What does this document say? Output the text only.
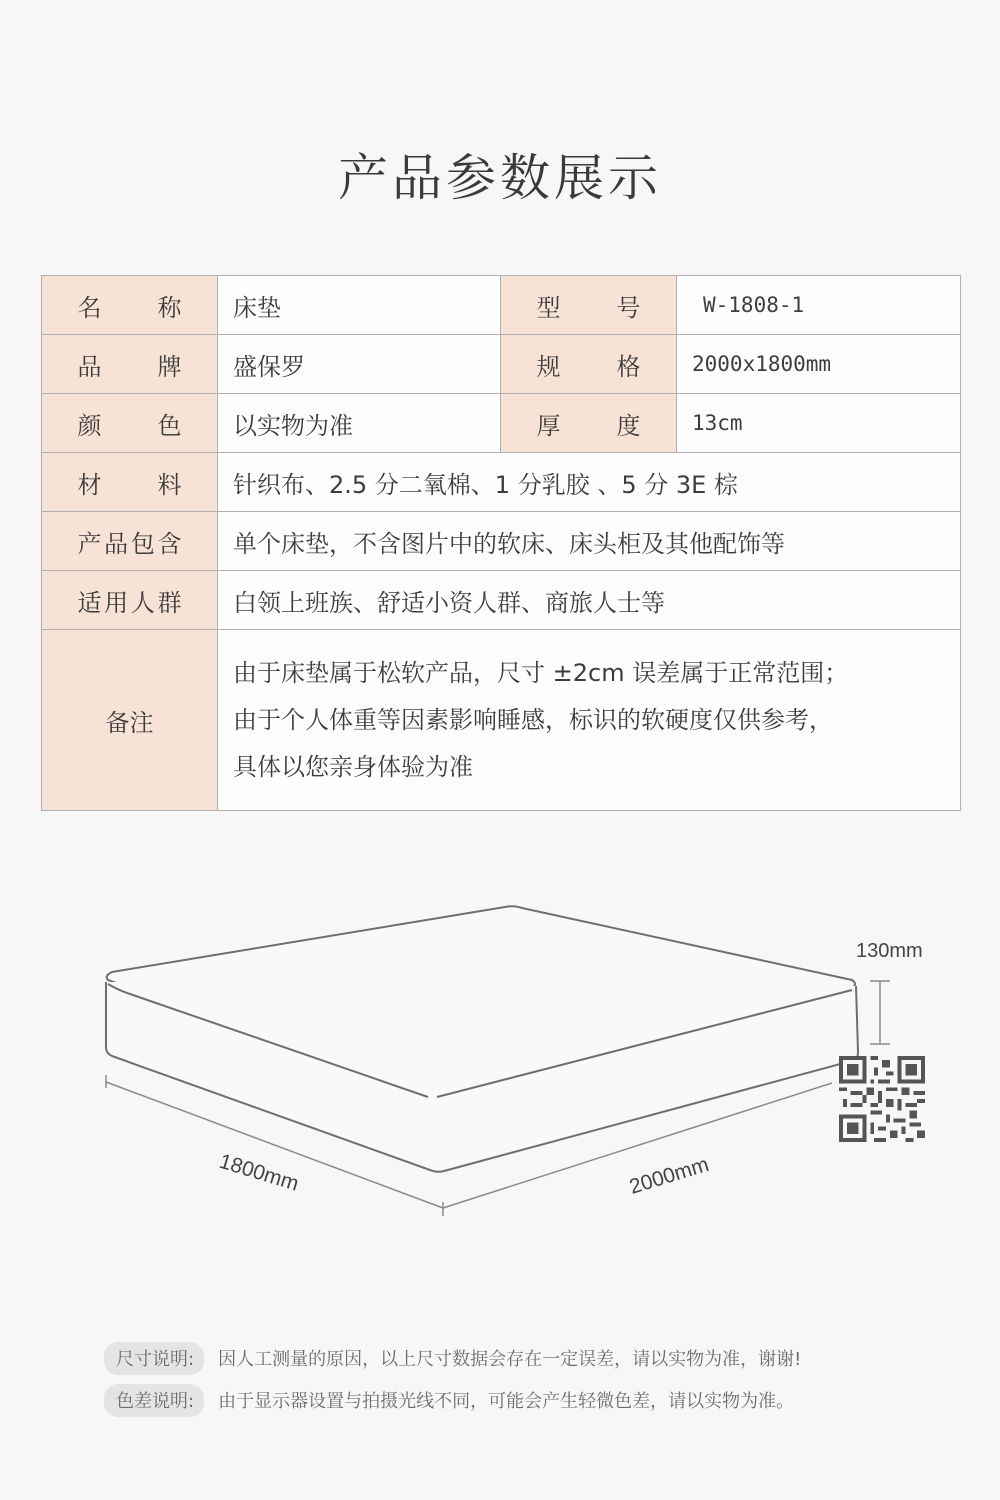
产品参数展示
名称	床垫	型号	W-1808-1
品牌	盛保罗	规格	2000x1800mm
颜色	以实物为准	厚度	13cm
材料	针织布、2.5 分二氧棉、1 分乳胶 、5 分 3E 棕		
产品包含	单个床垫，不含图片中的软床、床头柜及其他配饰等		
适用人群	白领上班族、舒适小资人群、商旅人士等		
备注	由于床垫属于松软产品，尺寸 ±2cm 误差属于正常范围；
由于个人体重等因素影响睡感，标识的软硬度仅供参考，
具体以您亲身体验为准		
130mm
1800mm	2000mm
尺寸说明: 因人工测量的原因，以上尺寸数据会存在一定误差，请以实物为准，谢谢!
色差说明: 由于显示器设置与拍摄光线不同，可能会产生轻微色差，请以实物为准。
